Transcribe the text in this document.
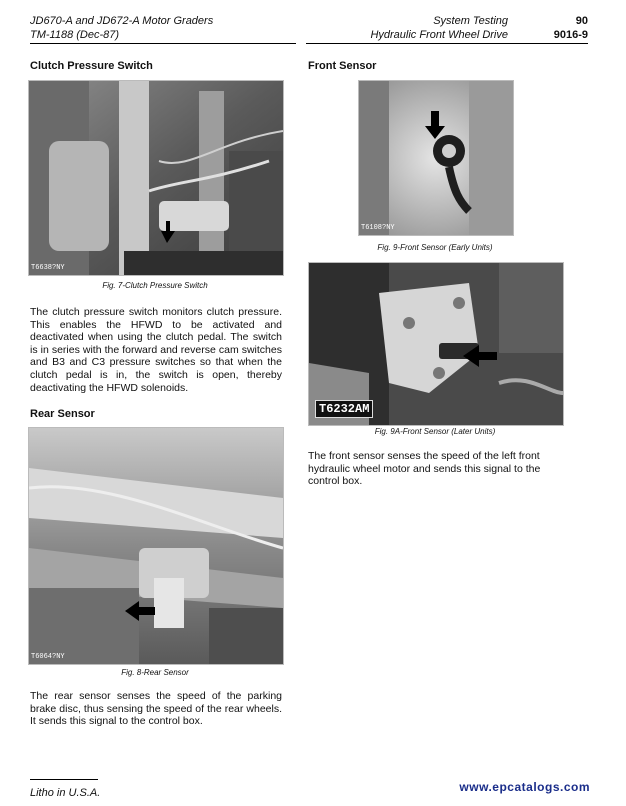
JD670-A and JD672-A Motor Graders
TM-1188 (Dec-87)
System Testing
Hydraulic Front Wheel Drive
90
9016-9
Clutch Pressure Switch
T6638?NY
Fig. 7-Clutch Pressure Switch
The clutch pressure switch monitors clutch pressure. This enables the HFWD to be activated and deactivated when using the clutch pedal. The switch is in series with the forward and reverse cam switches and B3 and C3 pressure switches so that when the clutch pedal is in, the switch is open, thereby deactivating the HFWD solenoids.
Rear Sensor
T6064?NY
Fig. 8-Rear Sensor
The rear sensor senses the speed of the parking brake disc, thus sensing the speed of the rear wheels. It sends this signal to the control box.
Front Sensor
T6108?NY
Fig. 9-Front Sensor (Early Units)
T6232AM
Fig. 9A-Front Sensor (Later Units)
The front sensor senses the speed of the left front hydraulic wheel motor and sends this signal to the control box.
Litho in U.S.A.	www.epcatalogs.com
